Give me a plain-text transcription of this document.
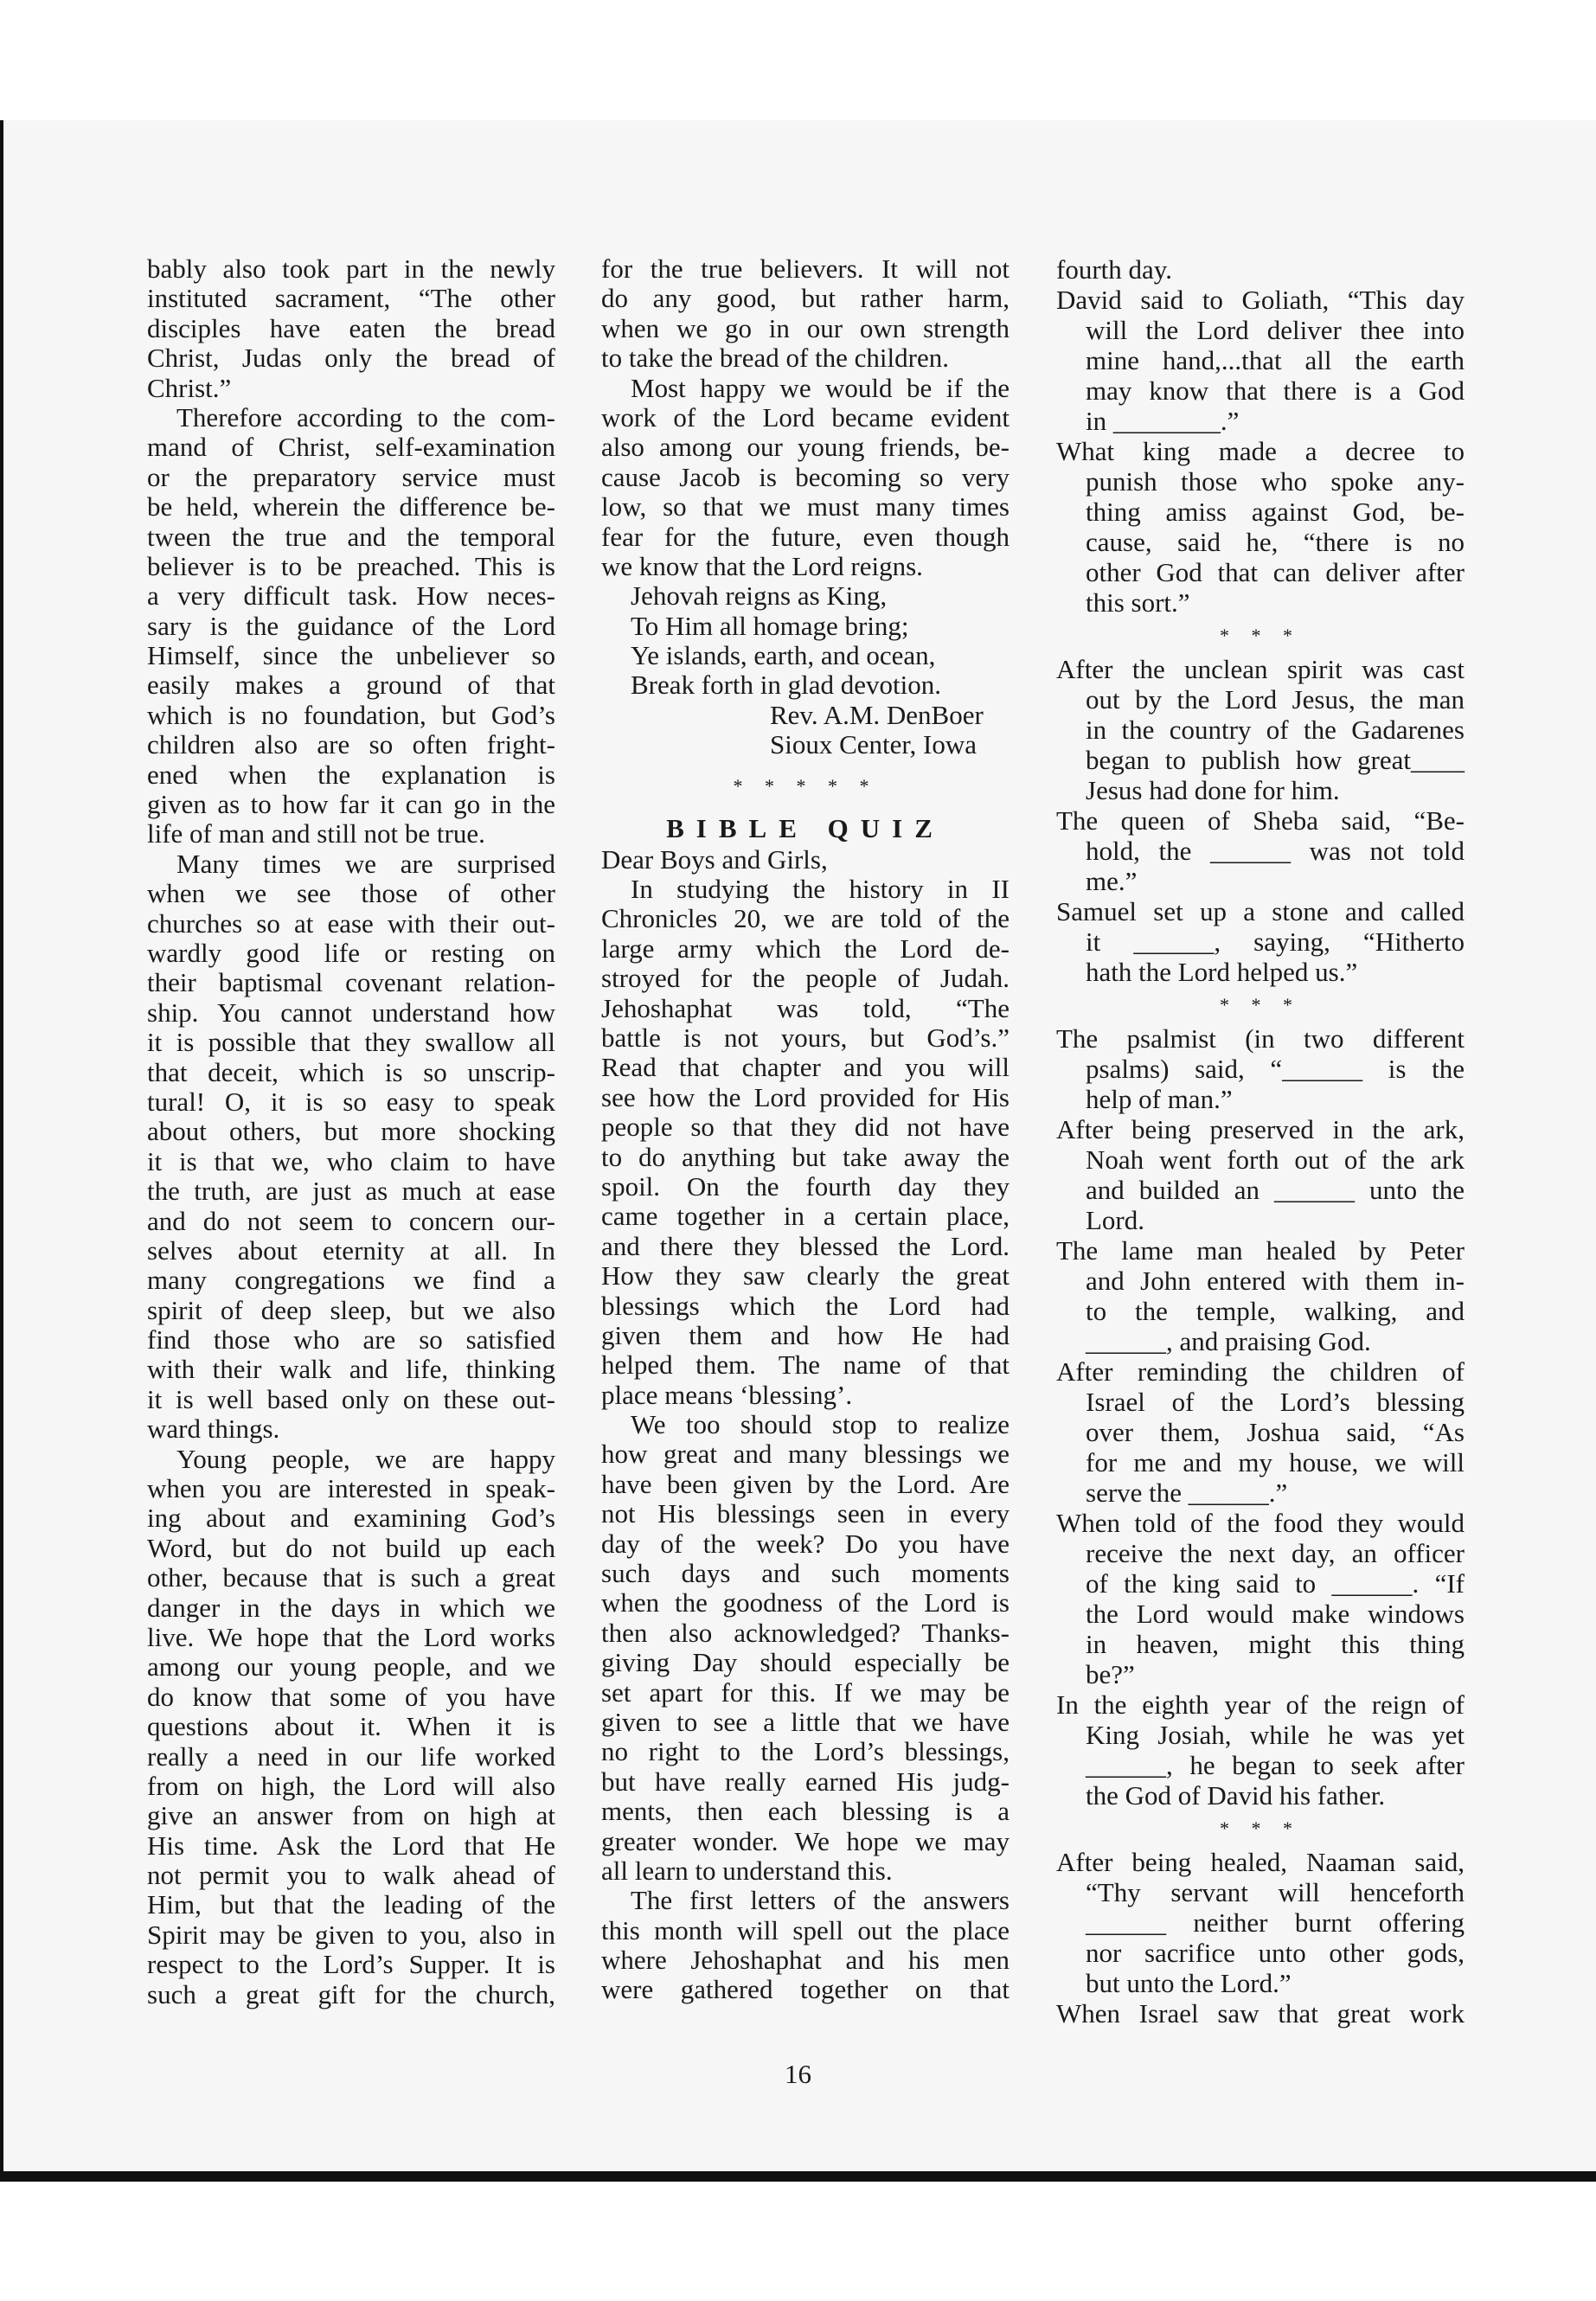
bably also took part in the newly
instituted sacrament, “The other
disciples have eaten the bread
Christ, Judas only the bread of
Christ.”
Therefore according to the com-
mand of Christ, self-examination
or the preparatory service must
be held, wherein the difference be-
tween the true and the temporal
believer is to be preached. This is
a very difficult task. How neces-
sary is the guidance of the Lord
Himself, since the unbeliever so
easily makes a ground of that
which is no foundation, but God’s
children also are so often fright-
ened when the explanation is
given as to how far it can go in the
life of man and still not be true.
Many times we are surprised
when we see those of other
churches so at ease with their out-
wardly good life or resting on
their baptismal covenant relation-
ship. You cannot understand how
it is possible that they swallow all
that deceit, which is so unscrip-
tural! O, it is so easy to speak
about others, but more shocking
it is that we, who claim to have
the truth, are just as much at ease
and do not seem to concern our-
selves about eternity at all. In
many congregations we find a
spirit of deep sleep, but we also
find those who are so satisfied
with their walk and life, thinking
it is well based only on these out-
ward things.
Young people, we are happy
when you are interested in speak-
ing about and examining God’s
Word, but do not build up each
other, because that is such a great
danger in the days in which we
live. We hope that the Lord works
among our young people, and we
do know that some of you have
questions about it. When it is
really a need in our life worked
from on high, the Lord will also
give an answer from on high at
His time. Ask the Lord that He
not permit you to walk ahead of
Him, but that the leading of the
Spirit may be given to you, also in
respect to the Lord’s Supper. It is
such a great gift for the church,
for the true believers. It will not
do any good, but rather harm,
when we go in our own strength
to take the bread of the children.
Most happy we would be if the
work of the Lord became evident
also among our young friends, be-
cause Jacob is becoming so very
low, so that we must many times
fear for the future, even though
we know that the Lord reigns.
Jehovah reigns as King,
To Him all homage bring;
Ye islands, earth, and ocean,
Break forth in glad devotion.
Rev. A.M. DenBoer
Sioux Center, Iowa
* * * * *
BIBLE QUIZ
Dear Boys and Girls,
In studying the history in II
Chronicles 20, we are told of the
large army which the Lord de-
stroyed for the people of Judah.
Jehoshaphat was told, “The
battle is not yours, but God’s.”
Read that chapter and you will
see how the Lord provided for His
people so that they did not have
to do anything but take away the
spoil. On the fourth day they
came together in a certain place,
and there they blessed the Lord.
How they saw clearly the great
blessings which the Lord had
given them and how He had
helped them. The name of that
place means ‘blessing’.
We too should stop to realize
how great and many blessings we
have been given by the Lord. Are
not His blessings seen in every
day of the week? Do you have
such days and such moments
when the goodness of the Lord is
then also acknowledged? Thanks-
giving Day should especially be
set apart for this. If we may be
given to see a little that we have
no right to the Lord’s blessings,
but have really earned His judg-
ments, then each blessing is a
greater wonder. We hope we may
all learn to understand this.
The first letters of the answers
this month will spell out the place
where Jehoshaphat and his men
were gathered together on that
fourth day.
David said to Goliath, “This day
will the Lord deliver thee into
mine hand,...that all the earth
may know that there is a God
in ________.”
What king made a decree to
punish those who spoke any-
thing amiss against God, be-
cause, said he, “there is no
other God that can deliver after
this sort.”
* * *
After the unclean spirit was cast
out by the Lord Jesus, the man
in the country of the Gadarenes
began to publish how great____
Jesus had done for him.
The queen of Sheba said, “Be-
hold, the ______ was not told
me.”
Samuel set up a stone and called
it ______, saying, “Hitherto
hath the Lord helped us.”
* * *
The psalmist (in two different
psalms) said, “______ is the
help of man.”
After being preserved in the ark,
Noah went forth out of the ark
and builded an ______ unto the
Lord.
The lame man healed by Peter
and John entered with them in-
to the temple, walking, and
______, and praising God.
After reminding the children of
Israel of the Lord’s blessing
over them, Joshua said, “As
for me and my house, we will
serve the ______.”
When told of the food they would
receive the next day, an officer
of the king said to ______. “If
the Lord would make windows
in heaven, might this thing
be?”
In the eighth year of the reign of
King Josiah, while he was yet
______, he began to seek after
the God of David his father.
* * *
After being healed, Naaman said,
“Thy servant will henceforth
______ neither burnt offering
nor sacrifice unto other gods,
but unto the Lord.”
When Israel saw that great work
16
